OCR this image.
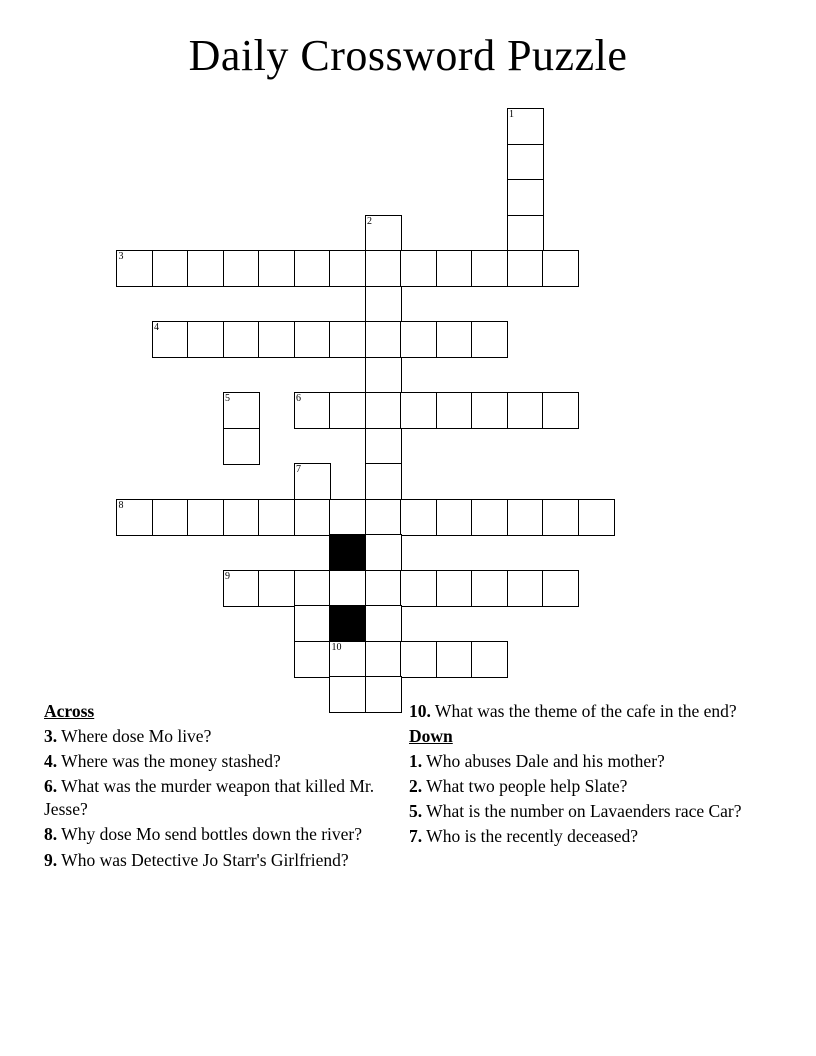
Daily Crossword Puzzle
1
2
3
4
5	6
7
8
9
10
Across

3. Where dose Mo live?

4. Where was the money stashed?

6. What was the murder weapon that killed Mr. Jesse?

8. Why dose Mo send bottles down the river?

9. Who was Detective Jo Starr's Girlfriend?

10. What was the theme of the cafe in the end?

Down

1. Who abuses Dale and his mother?

2. What two people help Slate?

5. What is the number on Lavaenders race Car?

7. Who is the recently deceased?
